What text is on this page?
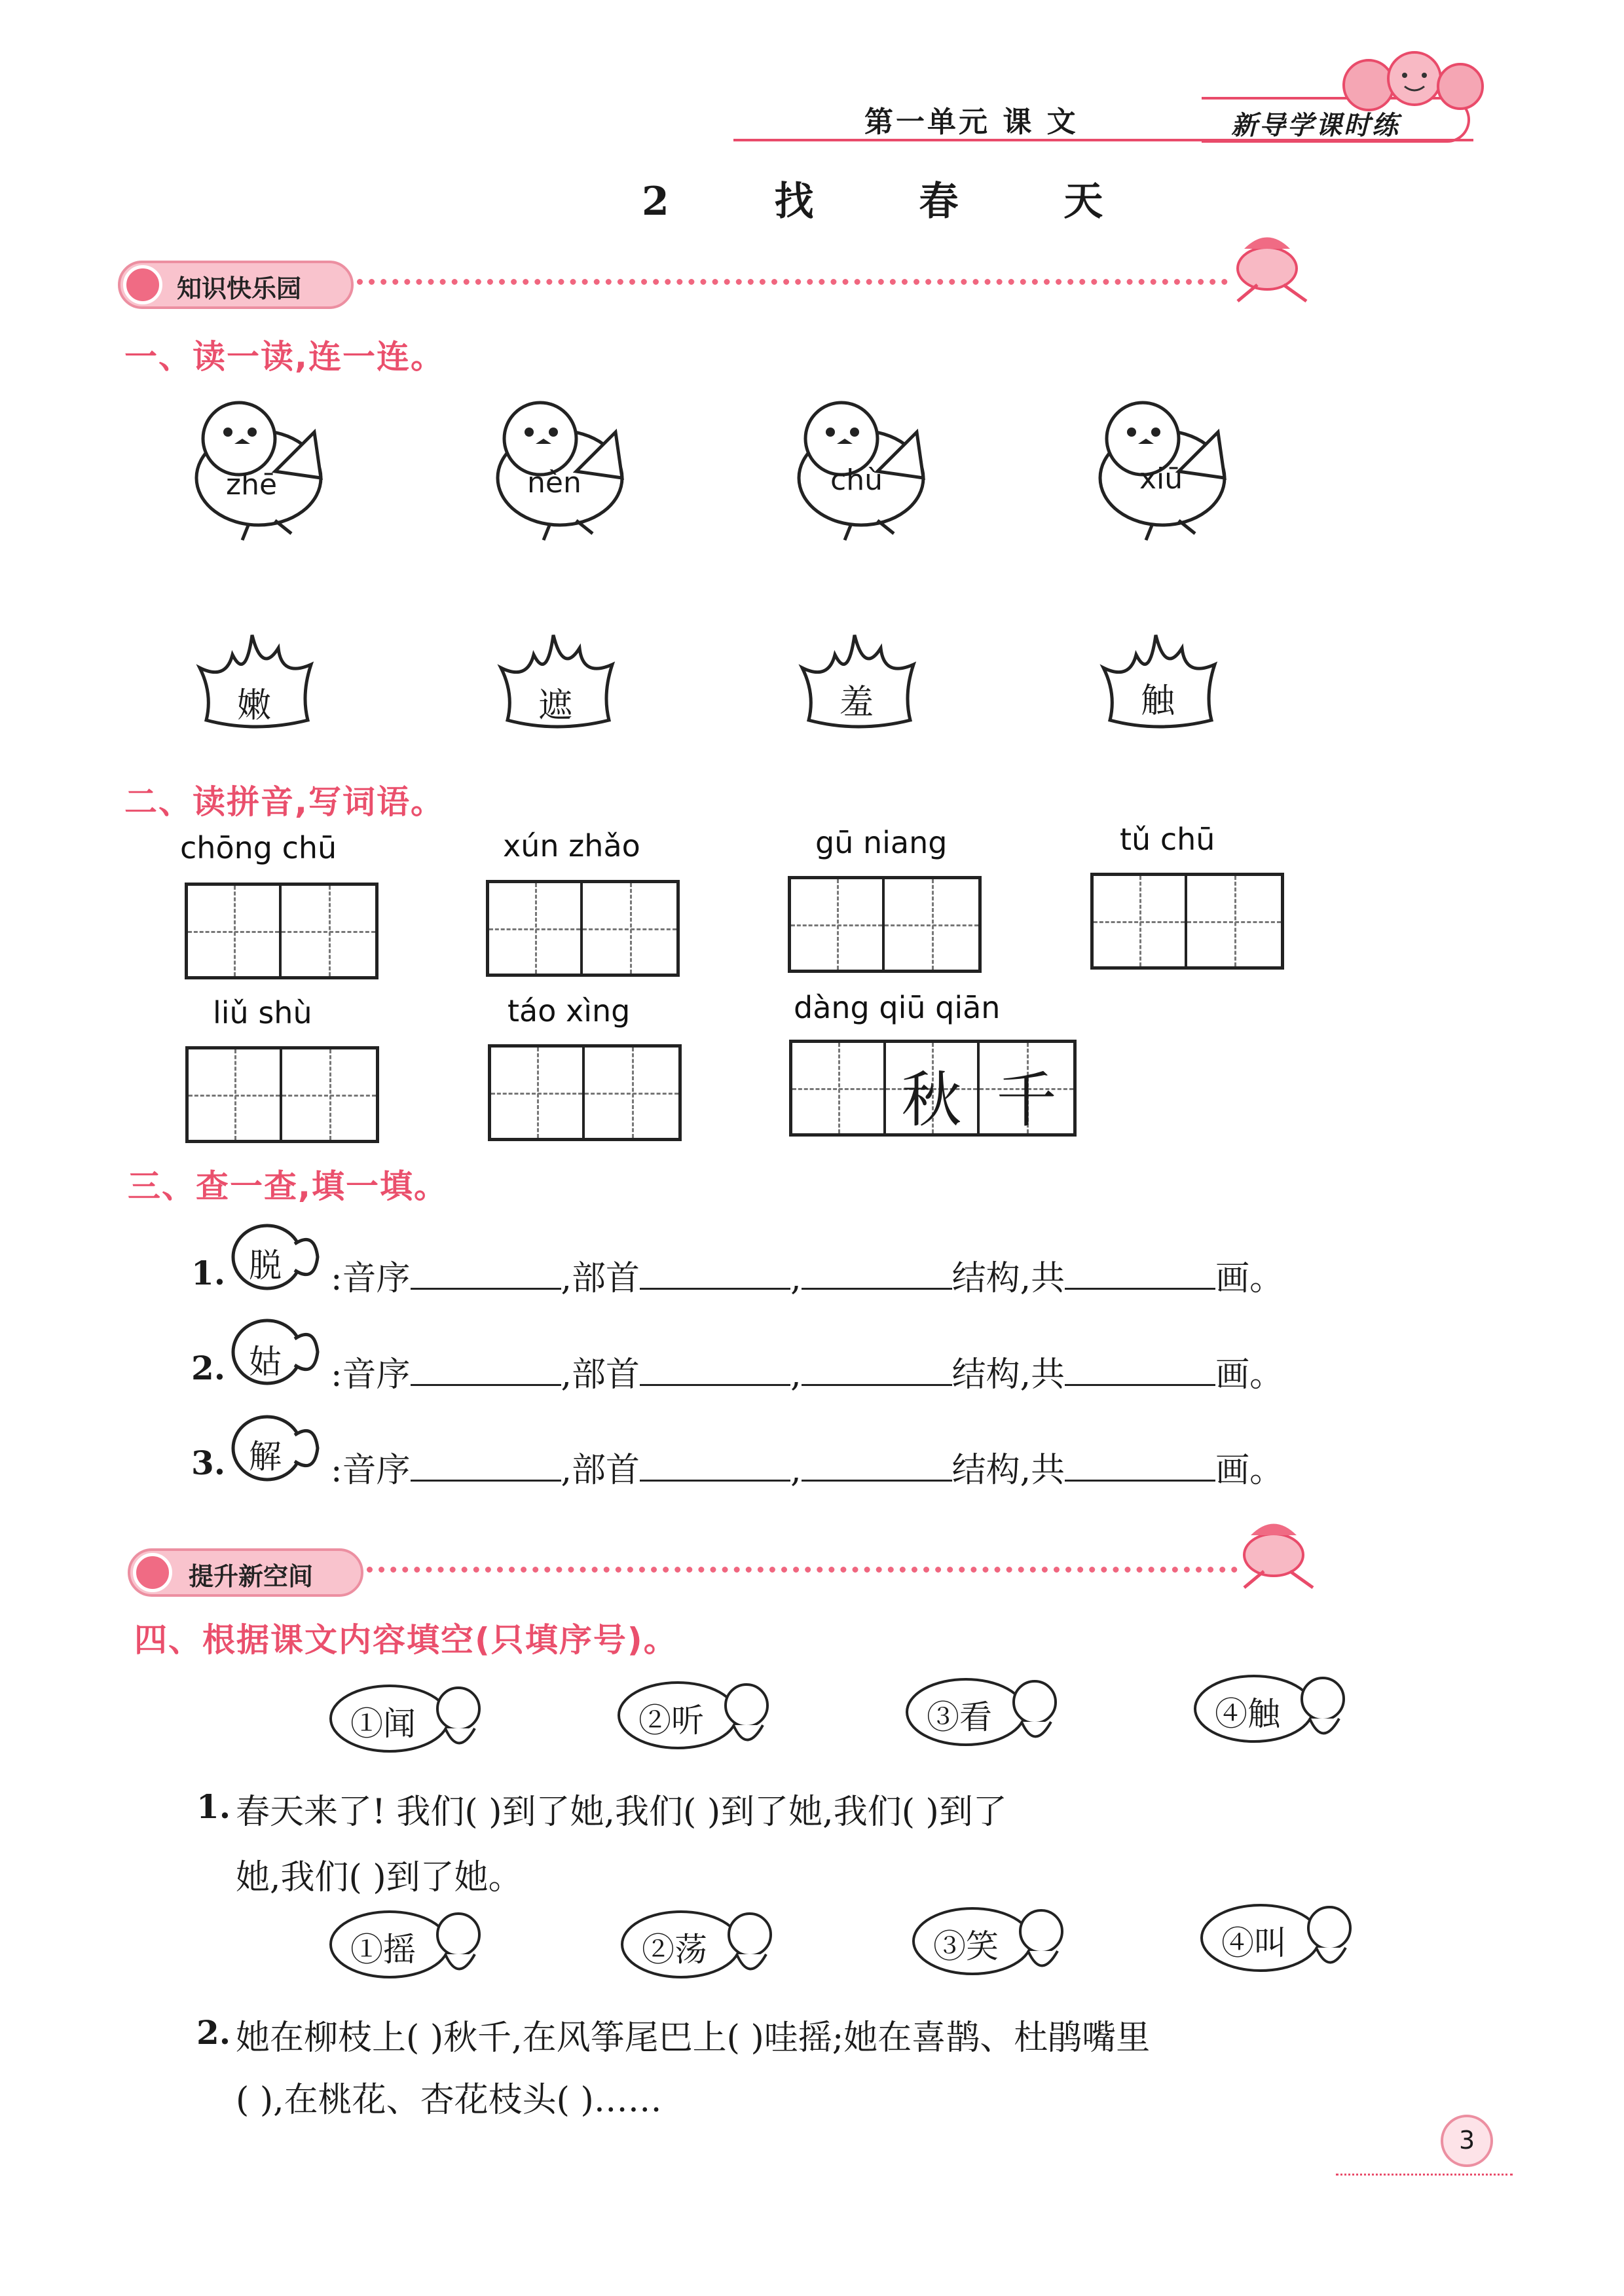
第一单元 课 文	新导学课时练
2 找 春 天
知识快乐园
一、读一读,连一连。
zhē	nèn	chù	xiū
嫩	遮	羞	触
二、读拼音,写词语。
chōng chū	xún zhǎo	gū niang	tǔ chū
liǔ shù	táo xìng	dàng qiū qiān
秋 千
三、查一查,填一填。
1. 脱 :音序	,部首	,	结构,共	画。
2. 姑 :音序	,部首	,	结构,共	画。
3. 解 :音序	,部首	,	结构,共	画。
提升新空间
四、根据课文内容填空(只填序号)。
①闻	②听	③看	④触
1. 春天来了! 我们( )到了她,我们( )到了她,我们( )到了
她,我们( )到了她。
①摇	②荡	③笑	④叫
2. 她在柳枝上( )秋千,在风筝尾巴上( )哇摇;她在喜鹊、杜鹃嘴里
( ),在桃花、杏花枝头( )……
3
